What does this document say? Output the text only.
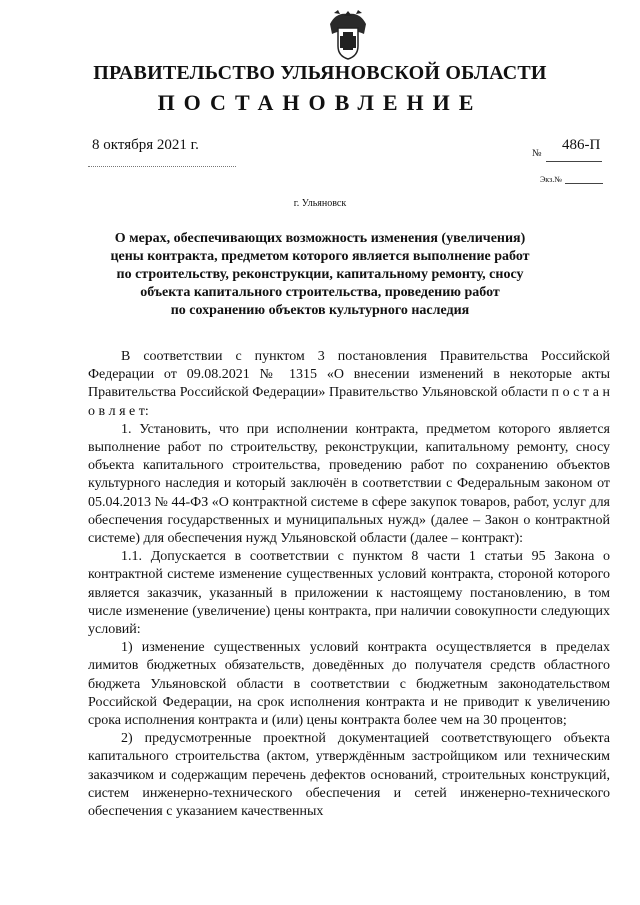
ПРАВИТЕЛЬСТВО УЛЬЯНОВСКОЙ ОБЛАСТИ
ПОСТАНОВЛЕНИЕ
8 октября 2021 г.
№
486-П
Экз.№
г. Ульяновск
О мерах, обеспечивающих возможность изменения (увеличения)
цены контракта, предметом которого является выполнение работ
по строительству, реконструкции, капитальному ремонту, сносу
объекта капитального строительства, проведению работ
по сохранению объектов культурного наследия

В соответствии с пунктом 3 постановления Правительства Российской Федерации от 09.08.2021 № 1315 «О внесении изменений в некоторые акты Правительства Российской Федерации» Правительство Ульяновской области п о с т а н о в л я е т:

1. Установить, что при исполнении контракта, предметом которого является выполнение работ по строительству, реконструкции, капитальному ремонту, сносу объекта капитального строительства, проведению работ по сохранению объектов культурного наследия и который заключён в соответствии с Федеральным законом от 05.04.2013 № 44-ФЗ «О контрактной системе в сфере закупок товаров, работ, услуг для обеспечения государственных и муниципальных нужд» (далее – Закон о контрактной системе) для обеспечения нужд Ульяновской области (далее – контракт):

1.1. Допускается в соответствии с пунктом 8 части 1 статьи 95 Закона о контрактной системе изменение существенных условий контракта, стороной которого является заказчик, указанный в приложении к настоящему постановлению, в том числе изменение (увеличение) цены контракта, при наличии совокупности следующих условий:

1) изменение существенных условий контракта осуществляется в пределах лимитов бюджетных обязательств, доведённых до получателя средств областного бюджета Ульяновской области в соответствии с бюджетным законодательством Российской Федерации, на срок исполнения контракта и не приводит к увеличению срока исполнения контракта и (или) цены контракта более чем на 30 процентов;

2) предусмотренные проектной документацией соответствующего объекта капитального строительства (актом, утверждённым застройщиком или техническим заказчиком и содержащим перечень дефектов оснований, строительных конструкций, систем инженерно-технического обеспечения и сетей инженерно-технического обеспечения с указанием качественных
